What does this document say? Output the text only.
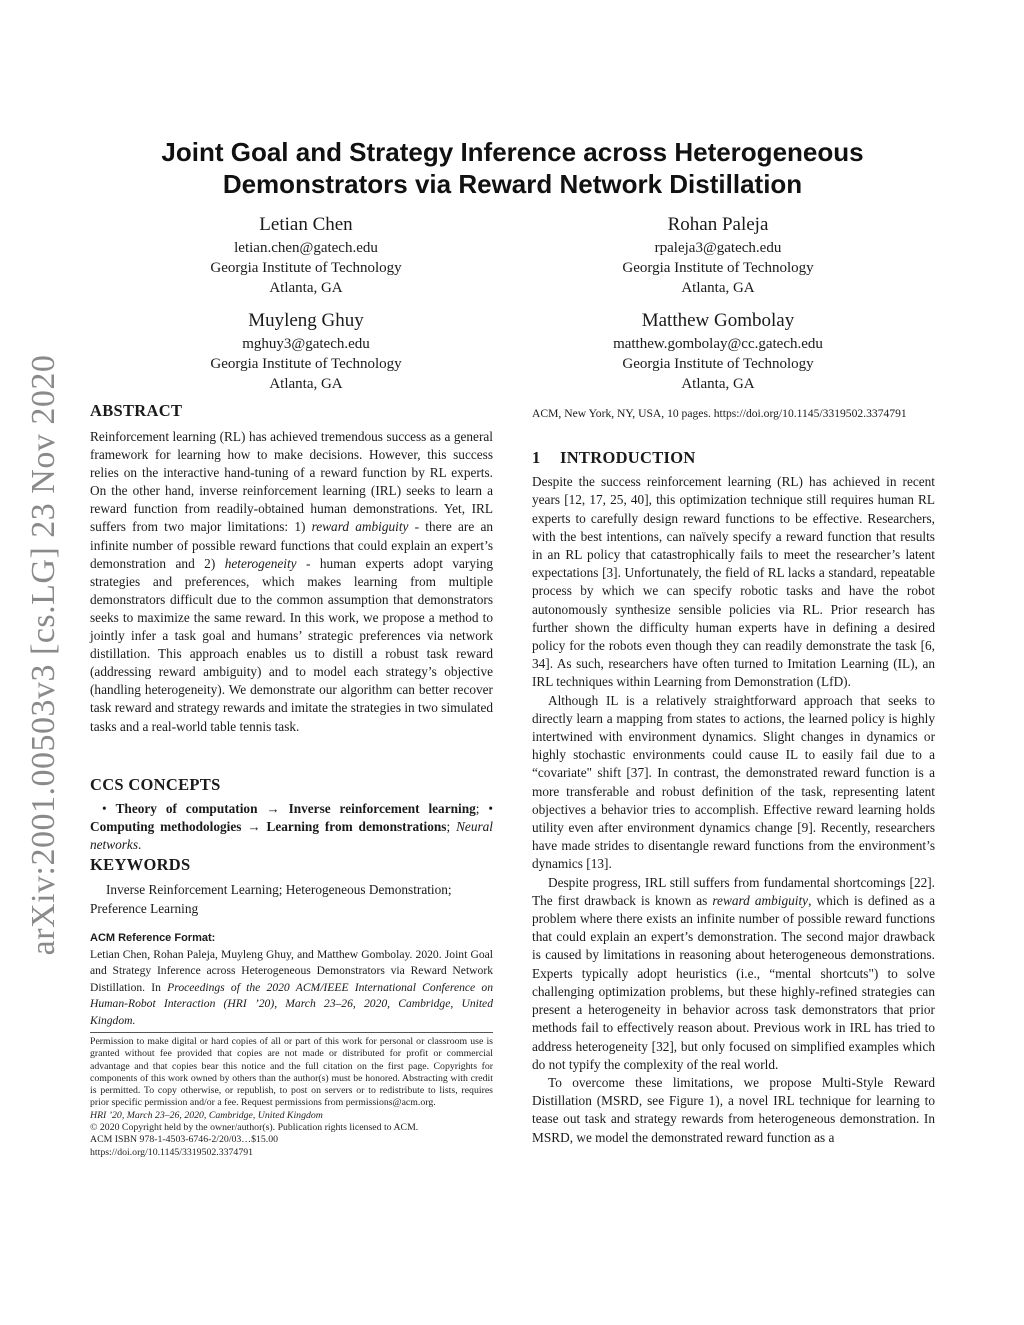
arXiv:2001.00503v3 [cs.LG] 23 Nov 2020
Joint Goal and Strategy Inference across Heterogeneous
Demonstrators via Reward Network Distillation
Letian Chen
letian.chen@gatech.edu
Georgia Institute of Technology
Atlanta, GA
Rohan Paleja
rpaleja3@gatech.edu
Georgia Institute of Technology
Atlanta, GA
Muyleng Ghuy
mghuy3@gatech.edu
Georgia Institute of Technology
Atlanta, GA
Matthew Gombolay
matthew.gombolay@cc.gatech.edu
Georgia Institute of Technology
Atlanta, GA
ABSTRACT
Reinforcement learning (RL) has achieved tremendous success as a general framework for learning how to make decisions. However, this success relies on the interactive hand-tuning of a reward function by RL experts. On the other hand, inverse reinforcement learning (IRL) seeks to learn a reward function from readily-obtained human demonstrations. Yet, IRL suffers from two major limitations: 1) reward ambiguity - there are an infinite number of possible reward functions that could explain an expert’s demonstration and 2) heterogeneity - human experts adopt varying strategies and preferences, which makes learning from multiple demonstrators difficult due to the common assumption that demonstrators seeks to maximize the same reward. In this work, we propose a method to jointly infer a task goal and humans’ strategic preferences via network distillation. This approach enables us to distill a robust task reward (addressing reward ambiguity) and to model each strategy’s objective (handling heterogeneity). We demonstrate our algorithm can better recover task reward and strategy rewards and imitate the strategies in two simulated tasks and a real-world table tennis task.
CCS CONCEPTS
• Theory of computation → Inverse reinforcement learning; • Computing methodologies → Learning from demonstrations; Neural networks.
KEYWORDS
Inverse Reinforcement Learning; Heterogeneous Demonstration; Preference Learning
ACM Reference Format:
Letian Chen, Rohan Paleja, Muyleng Ghuy, and Matthew Gombolay. 2020. Joint Goal and Strategy Inference across Heterogeneous Demonstrators via Reward Network Distillation. In Proceedings of the 2020 ACM/IEEE International Conference on Human-Robot Interaction (HRI ’20), March 23–26, 2020, Cambridge, United Kingdom.
Permission to make digital or hard copies of all or part of this work for personal or classroom use is granted without fee provided that copies are not made or distributed for profit or commercial advantage and that copies bear this notice and the full citation on the first page. Copyrights for components of this work owned by others than the author(s) must be honored. Abstracting with credit is permitted. To copy otherwise, or republish, to post on servers or to redistribute to lists, requires prior specific permission and/or a fee. Request permissions from permissions@acm.org.
HRI ’20, March 23–26, 2020, Cambridge, United Kingdom
© 2020 Copyright held by the owner/author(s). Publication rights licensed to ACM.
ACM ISBN 978-1-4503-6746-2/20/03…$15.00
https://doi.org/10.1145/3319502.3374791
ACM, New York, NY, USA, 10 pages. https://doi.org/10.1145/3319502.3374791
1 INTRODUCTION

Despite the success reinforcement learning (RL) has achieved in recent years [12, 17, 25, 40], this optimization technique still requires human RL experts to carefully design reward functions to be effective. Researchers, with the best intentions, can naïvely specify a reward function that results in an RL policy that catastrophically fails to meet the researcher’s latent expectations [3]. Unfortunately, the field of RL lacks a standard, repeatable process by which we can specify robotic tasks and have the robot autonomously synthesize sensible policies via RL. Prior research has further shown the difficulty human experts have in defining a desired policy for the robots even though they can readily demonstrate the task [6, 34]. As such, researchers have often turned to Imitation Learning (IL), an IRL techniques within Learning from Demonstration (LfD).

Although IL is a relatively straightforward approach that seeks to directly learn a mapping from states to actions, the learned policy is highly intertwined with environment dynamics. Slight changes in dynamics or highly stochastic environments could cause IL to easily fail due to a “covariate" shift [37]. In contrast, the demonstrated reward function is a more transferable and robust definition of the task, representing latent objectives a behavior tries to accomplish. Effective reward learning holds utility even after environment dynamics change [9]. Recently, researchers have made strides to disentangle reward functions from the environment’s dynamics [13].

Despite progress, IRL still suffers from fundamental shortcomings [22]. The first drawback is known as reward ambiguity, which is defined as a problem where there exists an infinite number of possible reward functions that could explain an expert’s demonstration. The second major drawback is caused by limitations in reasoning about heterogeneous demonstrations. Experts typically adopt heuristics (i.e., “mental shortcuts") to solve challenging optimization problems, but these highly-refined strategies can present a heterogeneity in behavior across task demonstrators that prior methods fail to effectively reason about. Previous work in IRL has tried to address heterogeneity [32], but only focused on simplified examples which do not typify the complexity of the real world.

To overcome these limitations, we propose Multi-Style Reward Distillation (MSRD, see Figure 1), a novel IRL technique for learning to tease out task and strategy rewards from heterogeneous demonstration. In MSRD, we model the demonstrated reward function as a
